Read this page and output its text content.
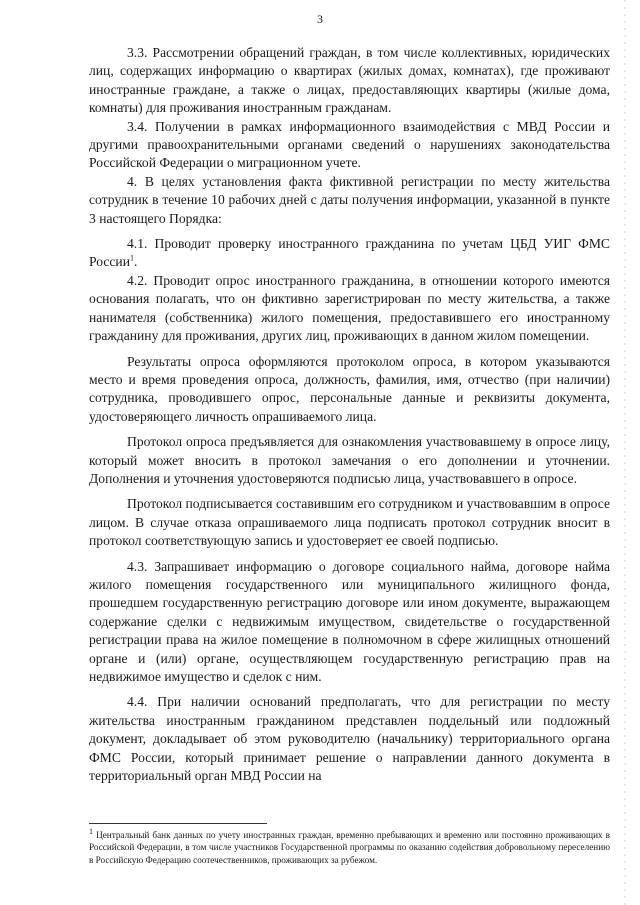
3

3.3. Рассмотрении обращений граждан, в том числе коллективных, юридических лиц, содержащих информацию о квартирах (жилых домах, комнатах), где проживают иностранные граждане, а также о лицах, предоставляющих квартиры (жилые дома, комнаты) для проживания иностранным гражданам.

3.4. Получении в рамках информационного взаимодействия с МВД России и другими правоохранительными органами сведений о нарушениях законодательства Российской Федерации о миграционном учете.

4. В целях установления факта фиктивной регистрации по месту жительства сотрудник в течение 10 рабочих дней с даты получения информации, указанной в пункте 3 настоящего Порядка:

4.1. Проводит проверку иностранного гражданина по учетам ЦБД УИГ ФМС России$^1$.

4.2. Проводит опрос иностранного гражданина, в отношении которого имеются основания полагать, что он фиктивно зарегистрирован по месту жительства, а также нанимателя (собственника) жилого помещения, предоставившего его иностранному гражданину для проживания, других лиц, проживающих в данном жилом помещении.

Результаты опроса оформляются протоколом опроса, в котором указываются место и время проведения опроса, должность, фамилия, имя, отчество (при наличии) сотрудника, проводившего опрос, персональные данные и реквизиты документа, удостоверяющего личность опрашиваемого лица.

Протокол опроса предъявляется для ознакомления участвовавшему в опросе лицу, который может вносить в протокол замечания о его дополнении и уточнении. Дополнения и уточнения удостоверяются подписью лица, участвовавшего в опросе.

Протокол подписывается составившим его сотрудником и участвовавшим в опросе лицом. В случае отказа опрашиваемого лица подписать протокол сотрудник вносит в протокол соответствующую запись и удостоверяет ее своей подписью.

4.3. Запрашивает информацию о договоре социального найма, договоре найма жилого помещения государственного или муниципального жилищного фонда, прошедшем государственную регистрацию договоре или ином документе, выражающем содержание сделки с недвижимым имуществом, свидетельстве о государственной регистрации права на жилое помещение в полномочном в сфере жилищных отношений органе и (или) органе, осуществляющем государственную регистрацию прав на недвижимое имущество и сделок с ним.

4.4. При наличии оснований предполагать, что для регистрации по месту жительства иностранным гражданином представлен поддельный или подложный документ, докладывает об этом руководителю (начальнику) территориального органа ФМС России, который принимает решение о направлении данного документа в территориальный орган МВД России на

$^1$ Центральный банк данных по учету иностранных граждан, временно пребывающих и временно или постоянно проживающих в Российской Федерации, в том числе участников Государственной программы по оказанию содействия добровольному переселению в Российскую Федерацию соотечественников, проживающих за рубежом.
